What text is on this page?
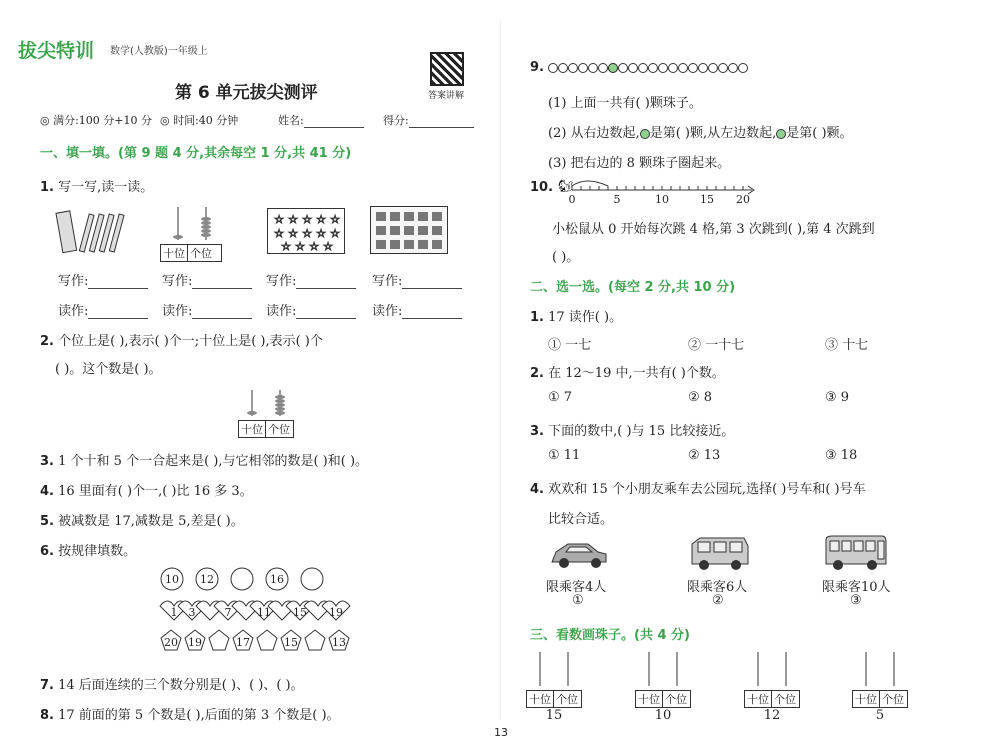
拔尖特训 数学(人教版)一年级上
第 6 单元拔尖测评	答案讲解
◎ 满分:100 分+10 分 ◎ 时间:40 分钟	姓名:	得分:
一、填一填。(第 9 题 4 分,其余每空 1 分,共 41 分)
1. 写一写,读一读。
十位 个位
☆ ☆ ☆ ☆ ☆
☆ ☆ ☆ ☆ ☆
☆ ☆ ☆ ☆
写作:	写作:	写作:	写作:
读作:	读作:	读作:	读作:
2. 个位上是( ),表示( )个一;十位上是( ),表示( )个
( )。这个数是( )。
十位 个位
3. 1 个十和 5 个一合起来是( ),与它相邻的数是( )和( )。
4. 16 里面有( )个一,( )比 16 多 3。
5. 被减数是 17,减数是 5,差是( )。
6. 按规律填数。
10 12	16
1 3	7 11 15 19
20 19	17	15	13
7. 14 后面连续的三个数分别是( )、( )、( )。
8. 17 前面的第 5 个数是( ),后面的第 3 个数是( )。
9.
(1) 上面一共有( )颗珠子。
(2) 从右边数起, 是第( )颗,从左边数起, 是第( )颗。
(3) 把右边的 8 颗珠子圈起来。
10. 🐿
0	5	10	15 20
小松鼠从 0 开始每次跳 4 格,第 3 次跳到( ),第 4 次跳到
( )。
二、选一选。(每空 2 分,共 10 分)
1. 17 读作( )。
① 一七	② 一十七	③ 十七
2. 在 12～19 中,一共有( )个数。
① 7	② 8	③ 9
3. 下面的数中,( )与 15 比较接近。
① 11	② 13	③ 18
4. 欢欢和 15 个小朋友乘车去公园玩,选择( )号车和( )号车
比较合适。
限乘客4人
①
限乘客6人
②
限乘客10人
③
三、看数画珠子。(共 4 分)
十位 个位
15
十位 个位
10
十位 个位
12
十位 个位
5
13
